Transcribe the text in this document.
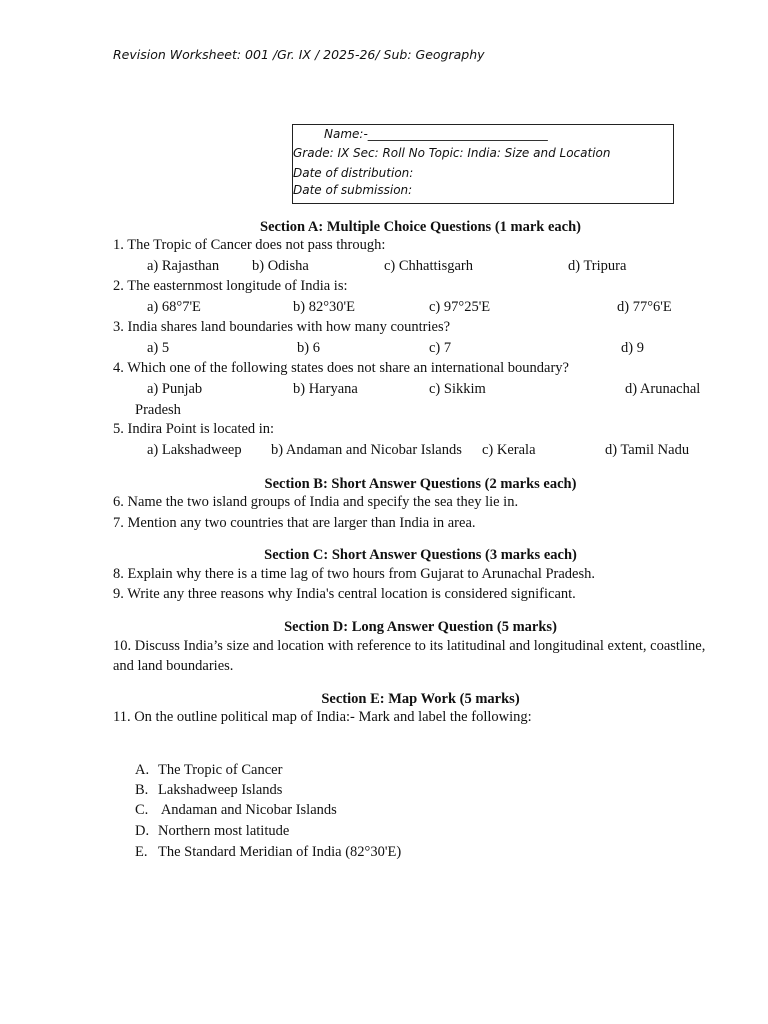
Revision Worksheet: 001 /Gr. IX / 2025-26/ Sub: Geography
Name:-______________________________
Grade: IX Sec: Roll No Topic: India: Size and Location
Date of distribution:
Date of submission:
Section A: Multiple Choice Questions (1 mark each)
1. The Tropic of Cancer does not pass through:
a) Rajasthan b) Odisha	c) Chhattisgarh	d) Tripura
2. The easternmost longitude of India is:
a) 68°7'E	b) 82°30'E	c) 97°25'E	d) 77°6'E
3. India shares land boundaries with how many countries?
a) 5	b) 6	c) 7	d) 9
4. Which one of the following states does not share an international boundary?
a) Punjab	b) Haryana	c) Sikkim	d) Arunachal
Pradesh
5. Indira Point is located in:
a) Lakshadweep b) Andaman and Nicobar Islands c) Kerala	d) Tamil Nadu
Section B: Short Answer Questions (2 marks each)
6. Name the two island groups of India and specify the sea they lie in.
7. Mention any two countries that are larger than India in area.
Section C: Short Answer Questions (3 marks each)
8. Explain why there is a time lag of two hours from Gujarat to Arunachal Pradesh.
9. Write any three reasons why India's central location is considered significant.
Section D: Long Answer Question (5 marks)
10. Discuss India’s size and location with reference to its latitudinal and longitudinal extent, coastline,
and land boundaries.
Section E: Map Work (5 marks)
11. On the outline political map of India:- Mark and label the following:
A. The Tropic of Cancer
B. Lakshadweep Islands
C. Andaman and Nicobar Islands
D. Northern most latitude
E. The Standard Meridian of India (82°30'E)
